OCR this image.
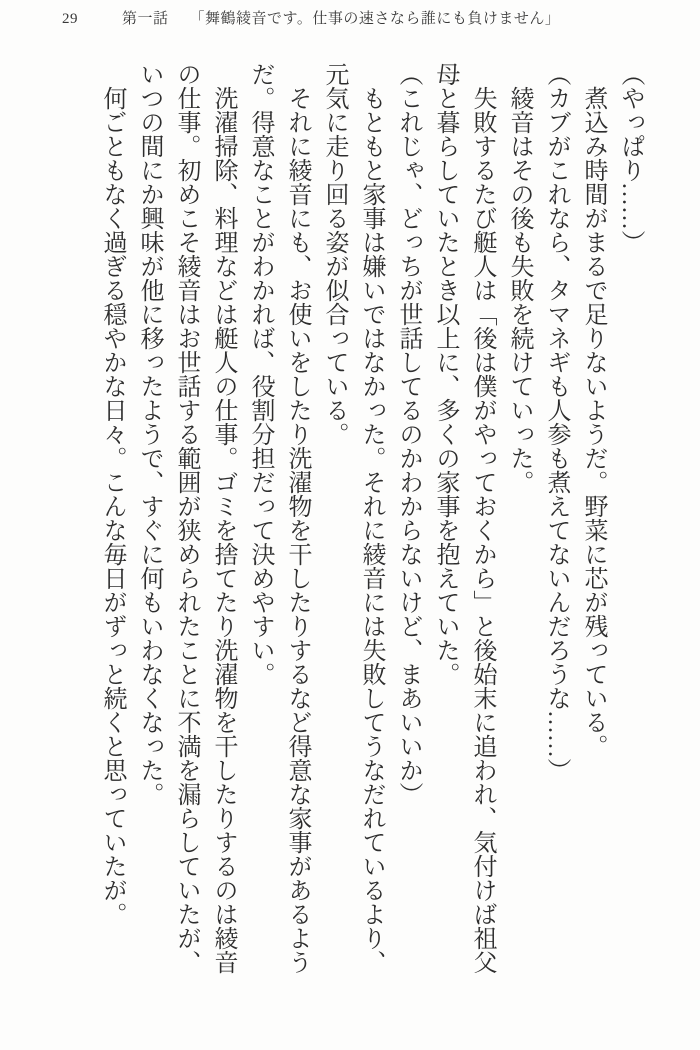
29	第一話 「舞鶴綾音です。仕事の速さなら誰にも負けません」

（やっぱり……）

煮込み時間がまるで足りないようだ。野菜に芯が残っている。

（カブがこれなら、タマネギも人参も煮えてないんだろうな……）

綾音はその後も失敗を続けていった。

失敗するたび艇人は「後は僕がやっておくから」と後始末に追われ、気付けば祖父母と暮らしていたとき以上に、多くの家事を抱えていた。

（これじゃ、どっちが世話してるのかわからないけど、まあいいか）

もともと家事は嫌いではなかった。それに綾音には失敗してうなだれているより、元気に走り回る姿が似合っている。

それに綾音にも、お使いをしたり洗濯物を干したりするなど得意な家事があるようだ。得意なことがわかれば、役割分担だって決めやすい。

洗濯掃除、料理などは艇人の仕事。ゴミを捨てたり洗濯物を干したりするのは綾音の仕事。初めこそ綾音はお世話する範囲が狭められたことに不満を漏らしていたが、いつの間にか興味が他に移ったようで、すぐに何もいわなくなった。

何ごともなく過ぎる穏やかな日々。こんな毎日がずっと続くと思っていたが。
